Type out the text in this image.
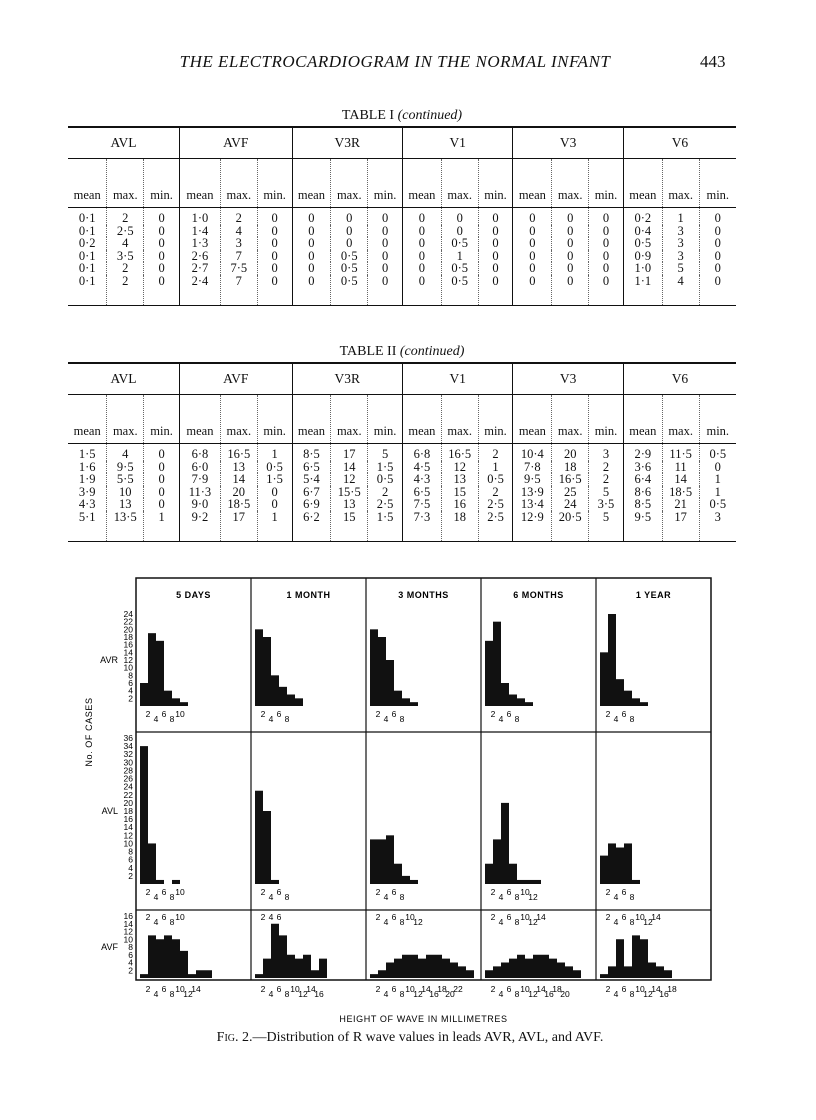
THE ELECTROCARDIOGRAM IN THE NORMAL INFANT	443
TABLE I (continued)
AVL			AVF			V3R			V1			V3			V6		
mean	max.	min.	mean	max.	min.	mean	max.	min.	mean	max.	min.	mean	max.	min.	mean	max.	min.
0·1	2	0	1·0	2	0	0	0	0	0	0	0	0	0	0	0·2	1	0
0·1	2·5	0	1·4	4	0	0	0	0	0	0	0	0	0	0	0·4	3	0
0·2	4	0	1·3	3	0	0	0	0	0	0·5	0	0	0	0	0·5	3	0
0·1	3·5	0	2·6	7	0	0	0·5	0	0	1	0	0	0	0	0·9	3	0
0·1	2	0	2·7	7·5	0	0	0·5	0	0	0·5	0	0	0	0	1·0	5	0
0·1	2	0	2·4	7	0	0	0·5	0	0	0·5	0	0	0	0	1·1	4	0
TABLE II (continued)
AVL			AVF			V3R			V1			V3			V6		
mean	max.	min.	mean	max.	min.	mean	max.	min.	mean	max.	min.	mean	max.	min.	mean	max.	min.
1·5	4	0	6·8	16·5	1	8·5	17	5	6·8	16·5	2	10·4	20	3	2·9	11·5	0·5
1·6	9·5	0	6·0	13	0·5	6·5	14	1·5	4·5	12	1	7·8	18	2	3·6	11	0
1·9	5·5	0	7·9	14	1·5	5·4	12	0·5	4·3	13	0·5	9·5	16·5	2	6·4	14	1
3·9	10	0	11·3	20	0	6·7	15·5	2	6·5	15	2	13·9	25	5	8·6	18·5	1
4·3	13	0	9·0	18·5	0	6·9	13	2·5	7·5	16	2·5	13·4	24	3·5	8·5	21	0·5
5·1	13·5	1	9·2	17	1	6·2	15	1·5	7·3	18	2·5	12·9	20·5	5	9·5	17	3
5 DAYS	1 MONTH	3 MONTHS	6 MONTHS	1 YEAR
2
4
6
8
10
12
14
16
18
20
22
24
AVR
2 6 10
4 8	2 6
4 8	2 6
4 8	2 6
4 8	2 6
4 8
2
4
6
8
10
12
14
16
18
20
22
24
26
28
30
32
34
36
AVL
2 6 10
4 8	2 6
4 8	2 6
4 8	2 6 10
4 8 12	2 6
4 8
2
4
6
8
10
12
14
16
AVF
2 6 10
4 8
2 6 10 14
4 8 12
2 4 6
2 6 10 14
4 8 12 16
2 6 10
4 8 12
2 6 10 14 18 22
4 8 12 16 20
2 6 10 14
4 8 12
2 6 10 14 18
4 8 12 16 20
2 6 10 14
4 8 12
2 6 10 14 18
4 8 12 16
No. OF CASES
HEIGHT OF WAVE IN MILLIMETRES
Fig. 2.—Distribution of R wave values in leads AVR, AVL, and AVF.
